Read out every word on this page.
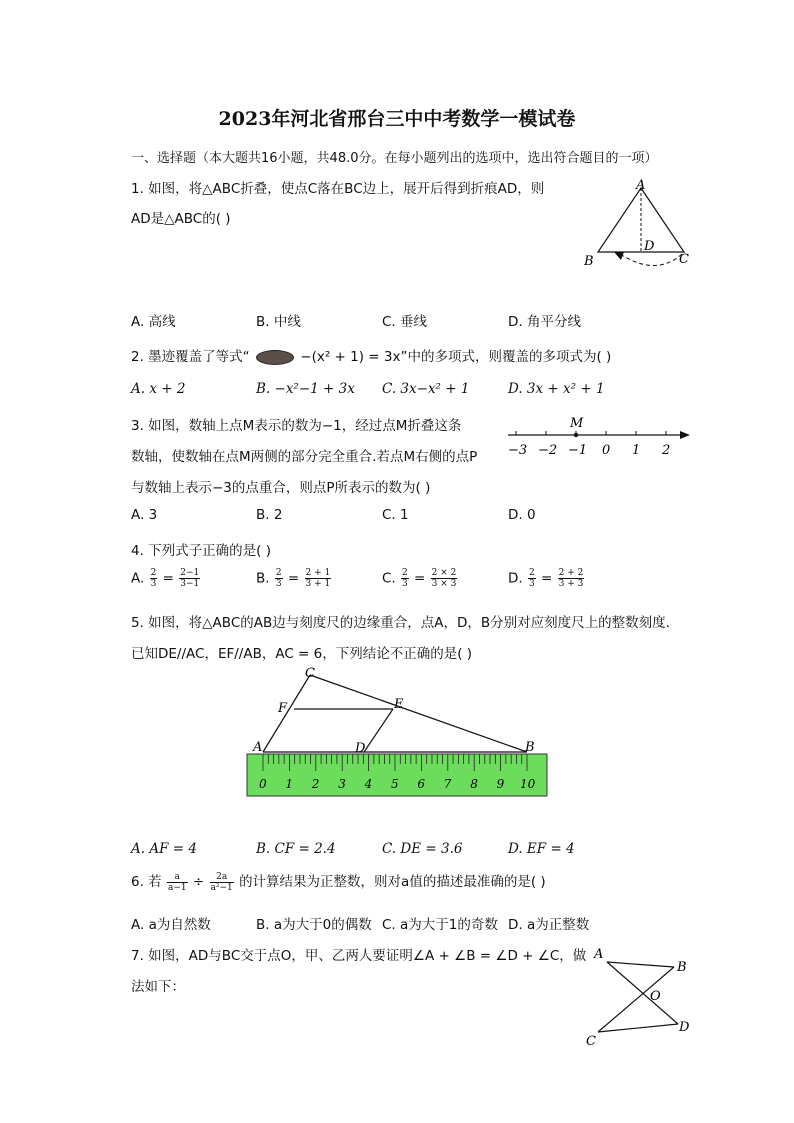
2023年河北省邢台三中中考数学一模试卷
一、选择题（本大题共16小题，共48.0分。在每小题列出的选项中，选出符合题目的一项）
1. 如图，将△ABC折叠，使点C落在BC边上，展开后得到折痕AD，则
AD是△ABC的( )
A
B	C
D
A. 高线	B. 中线	C. 垂线	D. 角平分线
2. 墨迹覆盖了等式“	−(x² + 1) = 3x”中的多项式，则覆盖的多项式为( )
A. x + 2	B. −x²−1 + 3x C. 3x−x² + 1	D. 3x + x² + 1
3. 如图，数轴上点M表示的数为−1，经过点M折叠这条
数轴，使数轴在点M两侧的部分完全重合.若点M右侧的点P
与数轴上表示−3的点重合，则点P所表示的数为( )
−3 −2 −1 0 1 2
M
A. 3	B. 2	C. 1	D. 0
4. 下列式子正确的是( )
A. $\frac{2}{3} = \frac{2-1}{3-1}$	B. $\frac{2}{3} = \frac{2 + 1}{3 + 1}$	C. $\frac{2}{3} = \frac{2 \times 2}{3 \times 3}$	D. $\frac{2}{3} = \frac{2 + 2}{3 + 3}$
5. 如图，将△ABC的AB边与刻度尺的边缘重合，点A，D，B分别对应刻度尺上的整数刻度.
已知DE//AC，EF//AB，AC = 6，下列结论不正确的是( )
0 1 2 3 4 5 6 7 8 9 10
C
F	E
A	D	B
A. AF = 4	B. CF = 2.4	C. DE = 3.6	D. EF = 4
6. 若 $\frac{a}{a-1} \div \frac{2a}{\text{a²−1}}$ 的计算结果为正整数，则对a值的描述最准确的是( )
A. a为自然数	B. a为大于0的偶数 C. a为大于1的奇数 D. a为正整数
7. 如图，AD与BC交于点O，甲、乙两人要证明∠A + ∠B = ∠D + ∠C，做
法如下：
A
B
O
D
C
